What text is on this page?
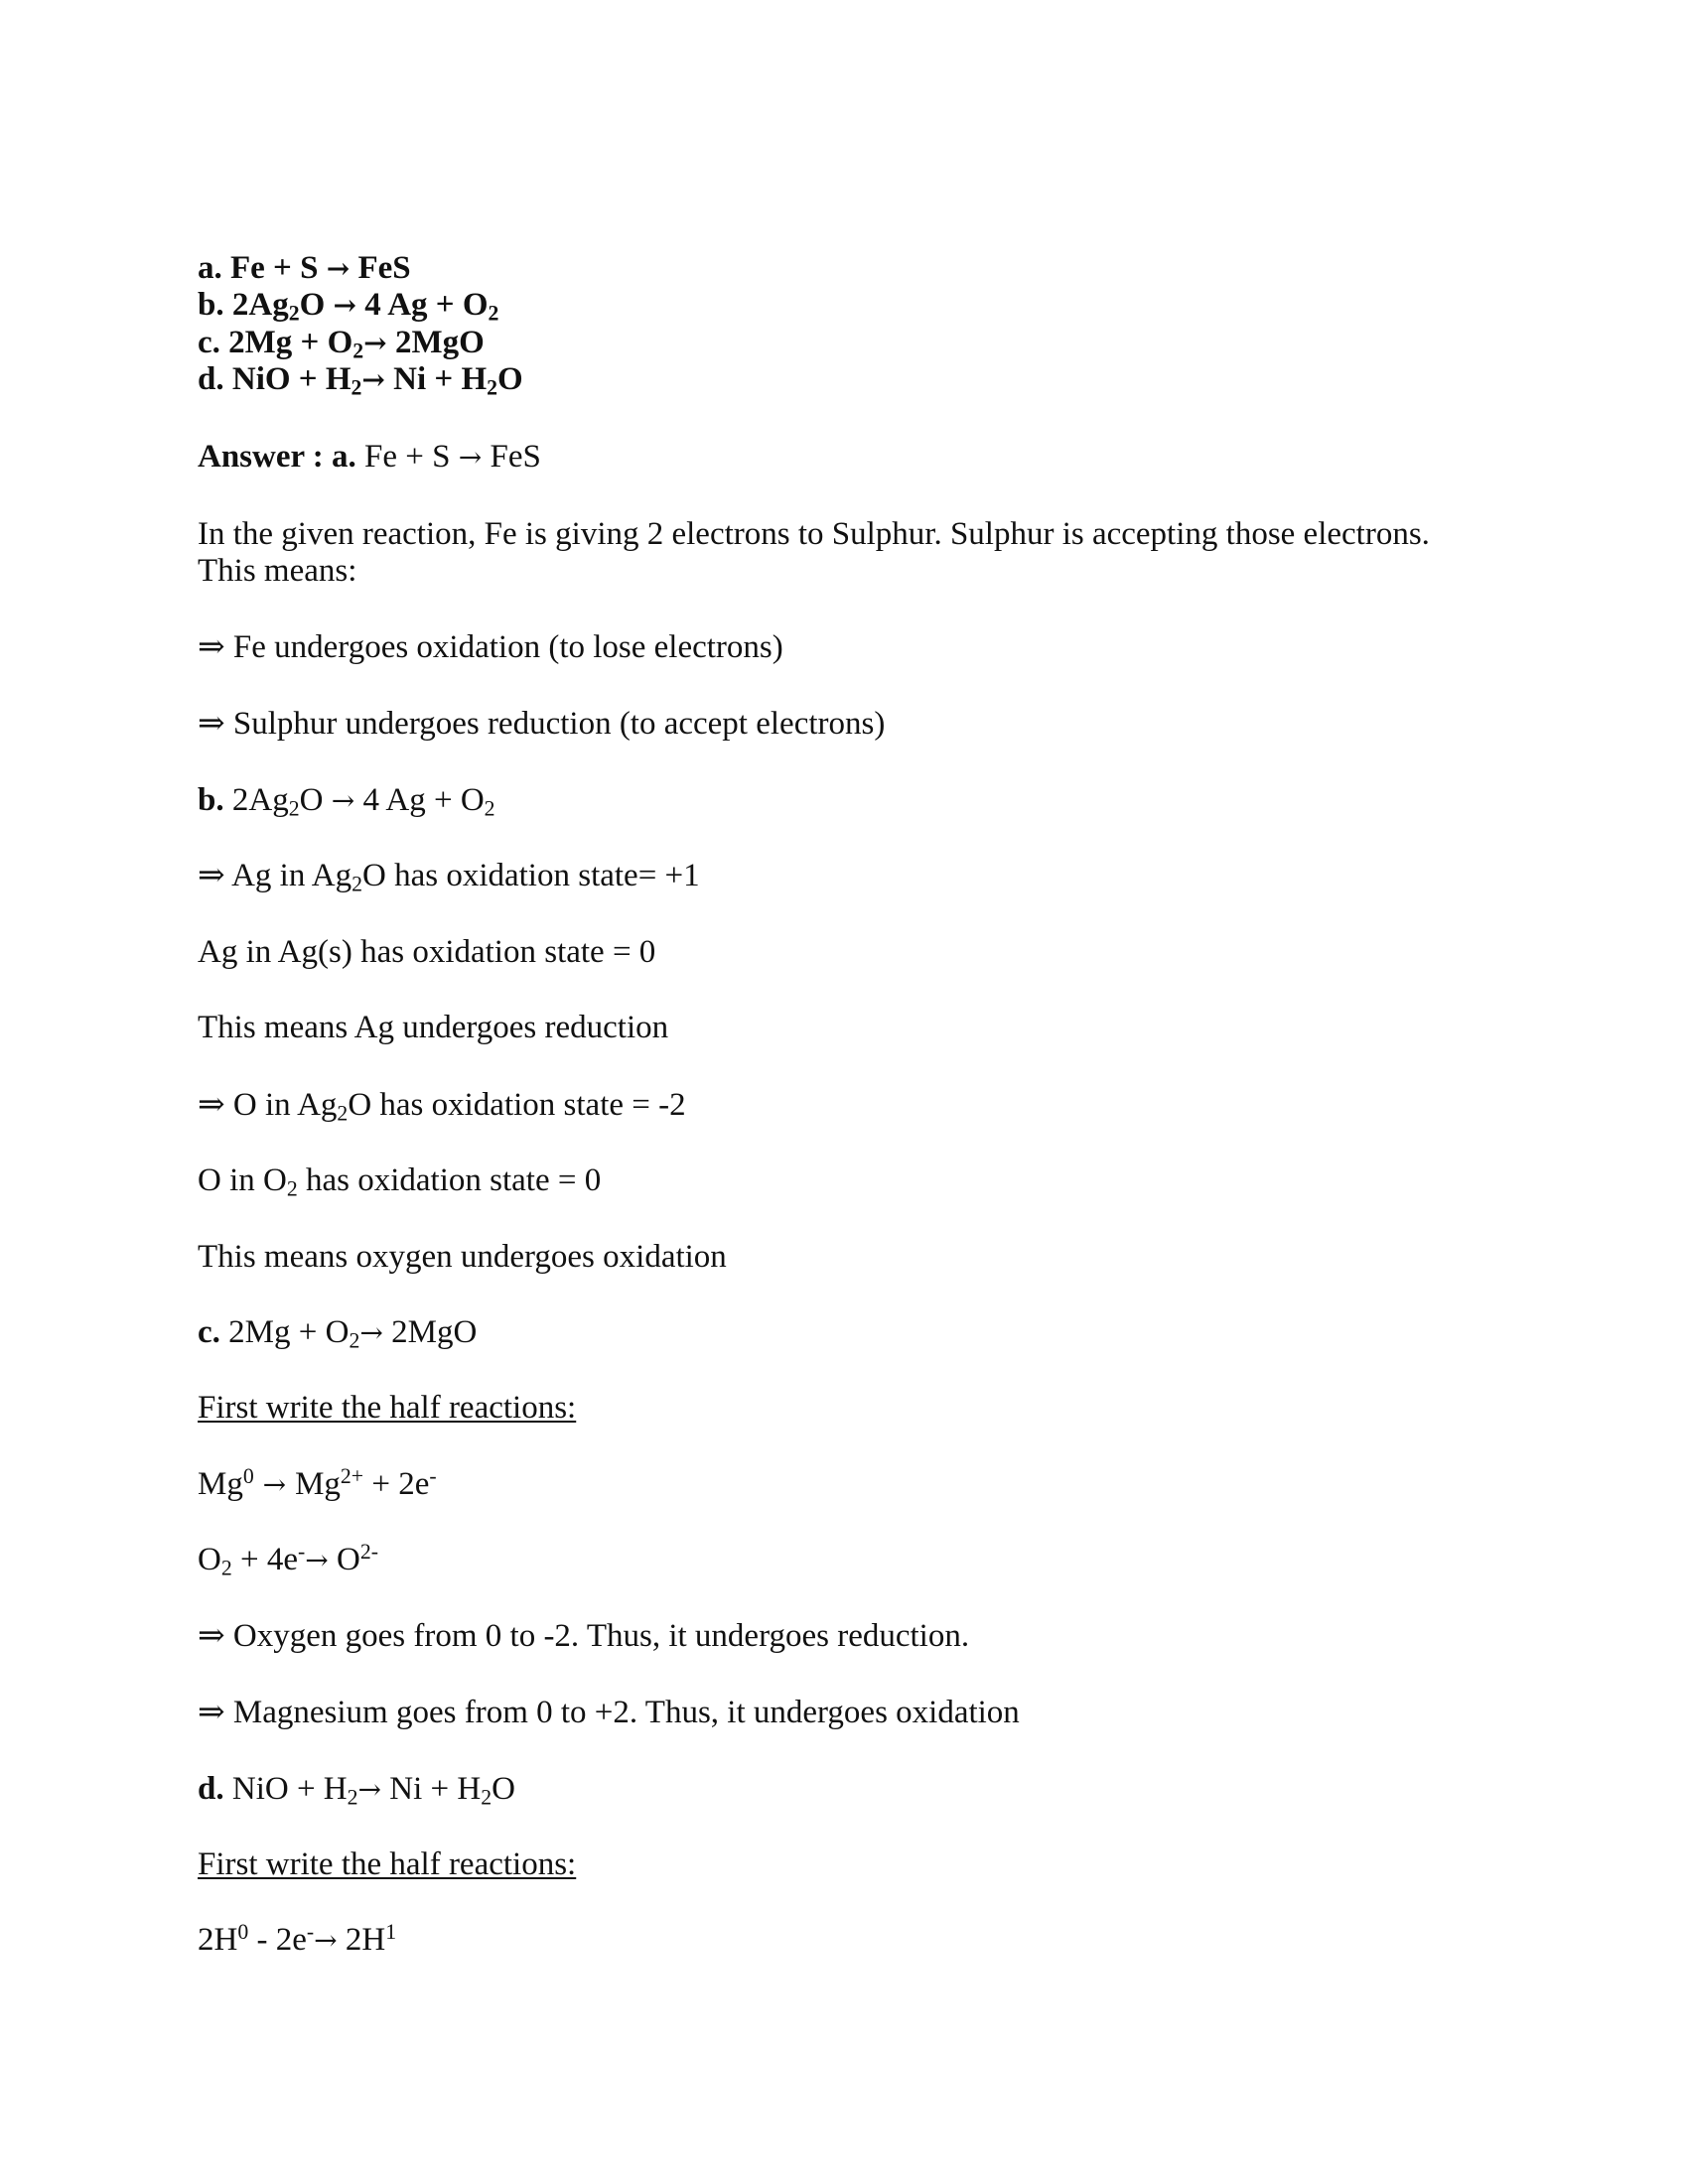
a. Fe + S → FeS
b. $2Ag_2O \to 4$ $Ag + O_2$
c. $2Mg + O_2\to 2MgO$
d. NiO + $H_2\to Ni + H_2O$
Answer : a. Fe + S → FeS
In the given reaction, Fe is giving 2 electrons to Sulphur. Sulphur is accepting those electrons.
This means:
⇒ Fe undergoes oxidation (to lose electrons)
⇒ Sulphur undergoes reduction (to accept electrons)
b. $2Ag_2O \to 4$ $Ag + O_2$
⇒ Ag in $Ag_2O$ has oxidation state= +1
Ag in Ag(s) has oxidation state = 0
This means Ag undergoes reduction
⇒ O in $Ag_2O$ has oxidation state = -2
O in $O_2$ has oxidation state = 0
This means oxygen undergoes oxidation
c. $2Mg + O_2\to 2MgO$
First write the half reactions:
$Mg^0 \to Mg^{2+} + 2e^-$
$O_2 + 4e^-\to O^{2-}$
⇒ Oxygen goes from 0 to -2. Thus, it undergoes reduction.
⇒ Magnesium goes from 0 to +2. Thus, it undergoes oxidation
d. NiO + $H_2\to Ni + H_2O$
First write the half reactions:
$2H^0 - 2e^-\to 2H^1$
